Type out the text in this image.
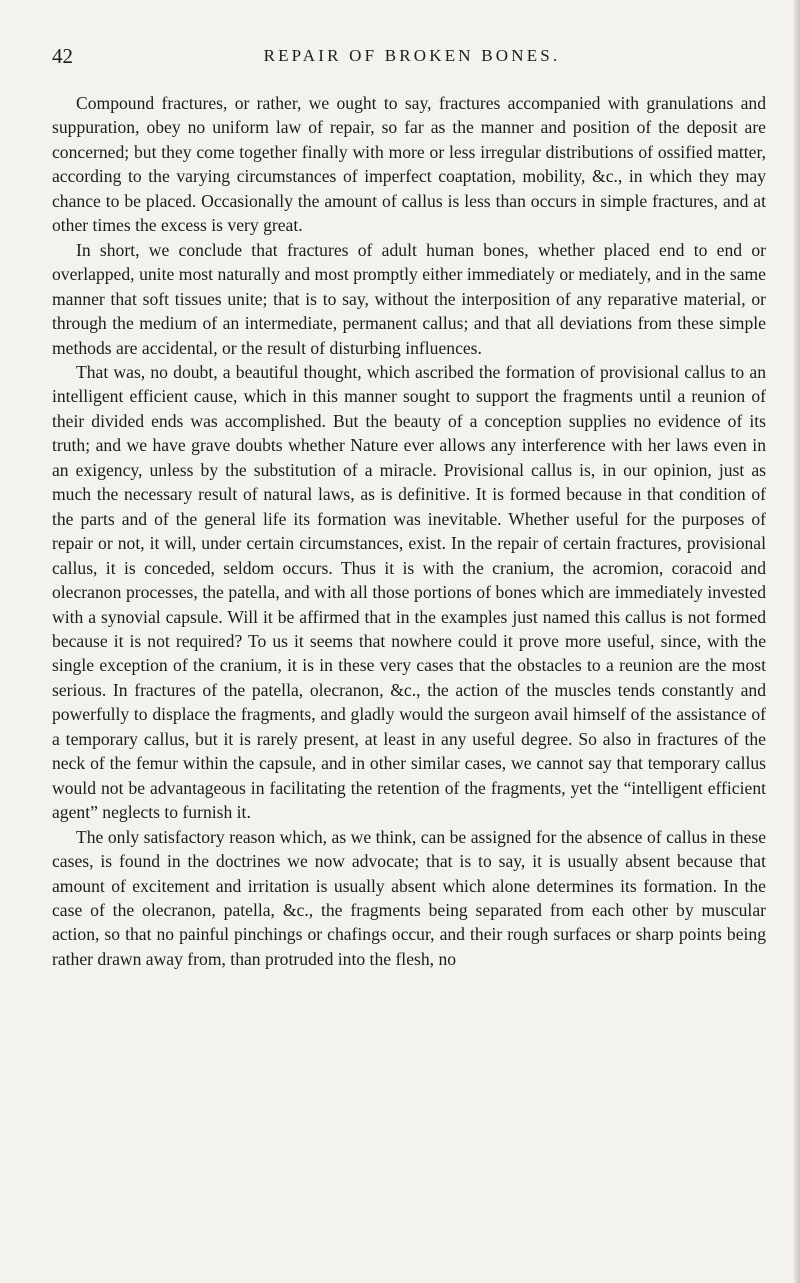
42	REPAIR OF BROKEN BONES.

Compound fractures, or rather, we ought to say, fractures accompanied with granulations and suppuration, obey no uniform law of repair, so far as the manner and position of the deposit are concerned; but they come together finally with more or less irregular distributions of ossified matter, according to the varying circumstances of imperfect coaptation, mobility, &c., in which they may chance to be placed. Occasionally the amount of callus is less than occurs in simple fractures, and at other times the excess is very great.

In short, we conclude that fractures of adult human bones, whether placed end to end or overlapped, unite most naturally and most promptly either immediately or mediately, and in the same manner that soft tissues unite; that is to say, without the interposition of any reparative material, or through the medium of an intermediate, permanent callus; and that all deviations from these simple methods are accidental, or the result of disturbing influences.

That was, no doubt, a beautiful thought, which ascribed the formation of provisional callus to an intelligent efficient cause, which in this manner sought to support the fragments until a reunion of their divided ends was accomplished. But the beauty of a conception supplies no evidence of its truth; and we have grave doubts whether Nature ever allows any interference with her laws even in an exigency, unless by the substitution of a miracle. Provisional callus is, in our opinion, just as much the necessary result of natural laws, as is definitive. It is formed because in that condition of the parts and of the general life its formation was inevitable. Whether useful for the purposes of repair or not, it will, under certain circumstances, exist. In the repair of certain fractures, provisional callus, it is conceded, seldom occurs. Thus it is with the cranium, the acromion, coracoid and olecranon processes, the patella, and with all those portions of bones which are immediately invested with a synovial capsule. Will it be affirmed that in the examples just named this callus is not formed because it is not required? To us it seems that nowhere could it prove more useful, since, with the single exception of the cranium, it is in these very cases that the obstacles to a reunion are the most serious. In fractures of the patella, olecranon, &c., the action of the muscles tends constantly and powerfully to displace the fragments, and gladly would the surgeon avail himself of the assistance of a temporary callus, but it is rarely present, at least in any useful degree. So also in fractures of the neck of the femur within the capsule, and in other similar cases, we cannot say that temporary callus would not be advantageous in facilitating the retention of the fragments, yet the “intelligent efficient agent” neglects to furnish it.

The only satisfactory reason which, as we think, can be assigned for the absence of callus in these cases, is found in the doctrines we now advocate; that is to say, it is usually absent because that amount of excitement and irritation is usually absent which alone determines its formation. In the case of the olecranon, patella, &c., the fragments being separated from each other by muscular action, so that no painful pinchings or chafings occur, and their rough surfaces or sharp points being rather drawn away from, than protruded into the flesh, no
